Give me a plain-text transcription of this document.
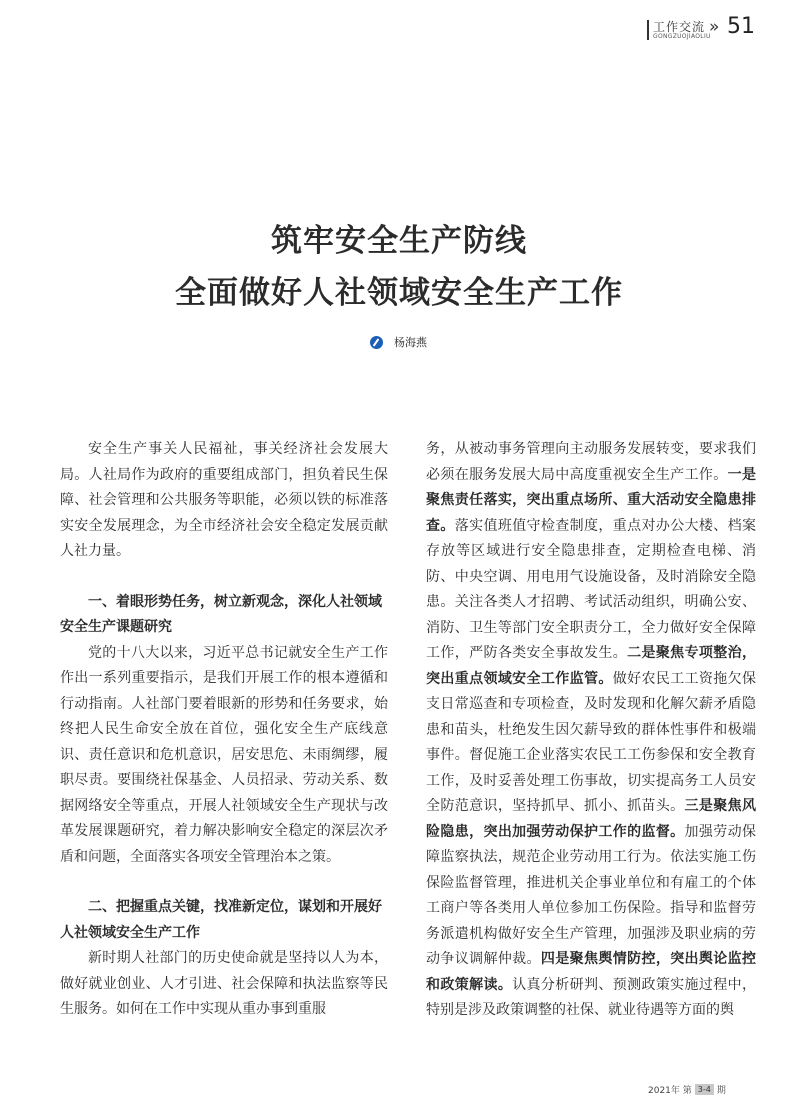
工作交流
GONGZUOJIAOLIU
» 51
筑牢安全生产防线
全面做好人社领域安全生产工作
杨海燕

安全生产事关人民福祉，事关经济社会发展大局。人社局作为政府的重要组成部门，担负着民生保障、社会管理和公共服务等职能，必须以铁的标准落实安全发展理念，为全市经济社会安全稳定发展贡献人社力量。

一、着眼形势任务，树立新观念，深化人社领域安全生产课题研究

党的十八大以来，习近平总书记就安全生产工作作出一系列重要指示，是我们开展工作的根本遵循和行动指南。人社部门要着眼新的形势和任务要求，始终把人民生命安全放在首位，强化安全生产底线意识、责任意识和危机意识，居安思危、未雨绸缪，履职尽责。要围绕社保基金、人员招录、劳动关系、数据网络安全等重点，开展人社领域安全生产现状与改革发展课题研究，着力解决影响安全稳定的深层次矛盾和问题，全面落实各项安全管理治本之策。

二、把握重点关键，找准新定位，谋划和开展好人社领域安全生产工作

新时期人社部门的历史使命就是坚持以人为本，做好就业创业、人才引进、社会保障和执法监察等民生服务。如何在工作中实现从重办事到重服

务，从被动事务管理向主动服务发展转变，要求我们必须在服务发展大局中高度重视安全生产工作。一是聚焦责任落实，突出重点场所、重大活动安全隐患排查。落实值班值守检查制度，重点对办公大楼、档案存放等区域进行安全隐患排查，定期检查电梯、消防、中央空调、用电用气设施设备，及时消除安全隐患。关注各类人才招聘、考试活动组织，明确公安、消防、卫生等部门安全职责分工，全力做好安全保障工作，严防各类安全事故发生。二是聚焦专项整治，突出重点领域安全工作监管。做好农民工工资拖欠保支日常巡查和专项检查，及时发现和化解欠薪矛盾隐患和苗头，杜绝发生因欠薪导致的群体性事件和极端事件。督促施工企业落实农民工工伤参保和安全教育工作，及时妥善处理工伤事故，切实提高务工人员安全防范意识，坚持抓早、抓小、抓苗头。三是聚焦风险隐患，突出加强劳动保护工作的监督。加强劳动保障监察执法，规范企业劳动用工行为。依法实施工伤保险监督管理，推进机关企事业单位和有雇工的个体工商户等各类用人单位参加工伤保险。指导和监督劳务派遣机构做好安全生产管理，加强涉及职业病的劳动争议调解仲裁。四是聚焦舆情防控，突出舆论监控和政策解读。认真分析研判、预测政策实施过程中，特别是涉及政策调整的社保、就业待遇等方面的舆

2021年 第 3-4 期
